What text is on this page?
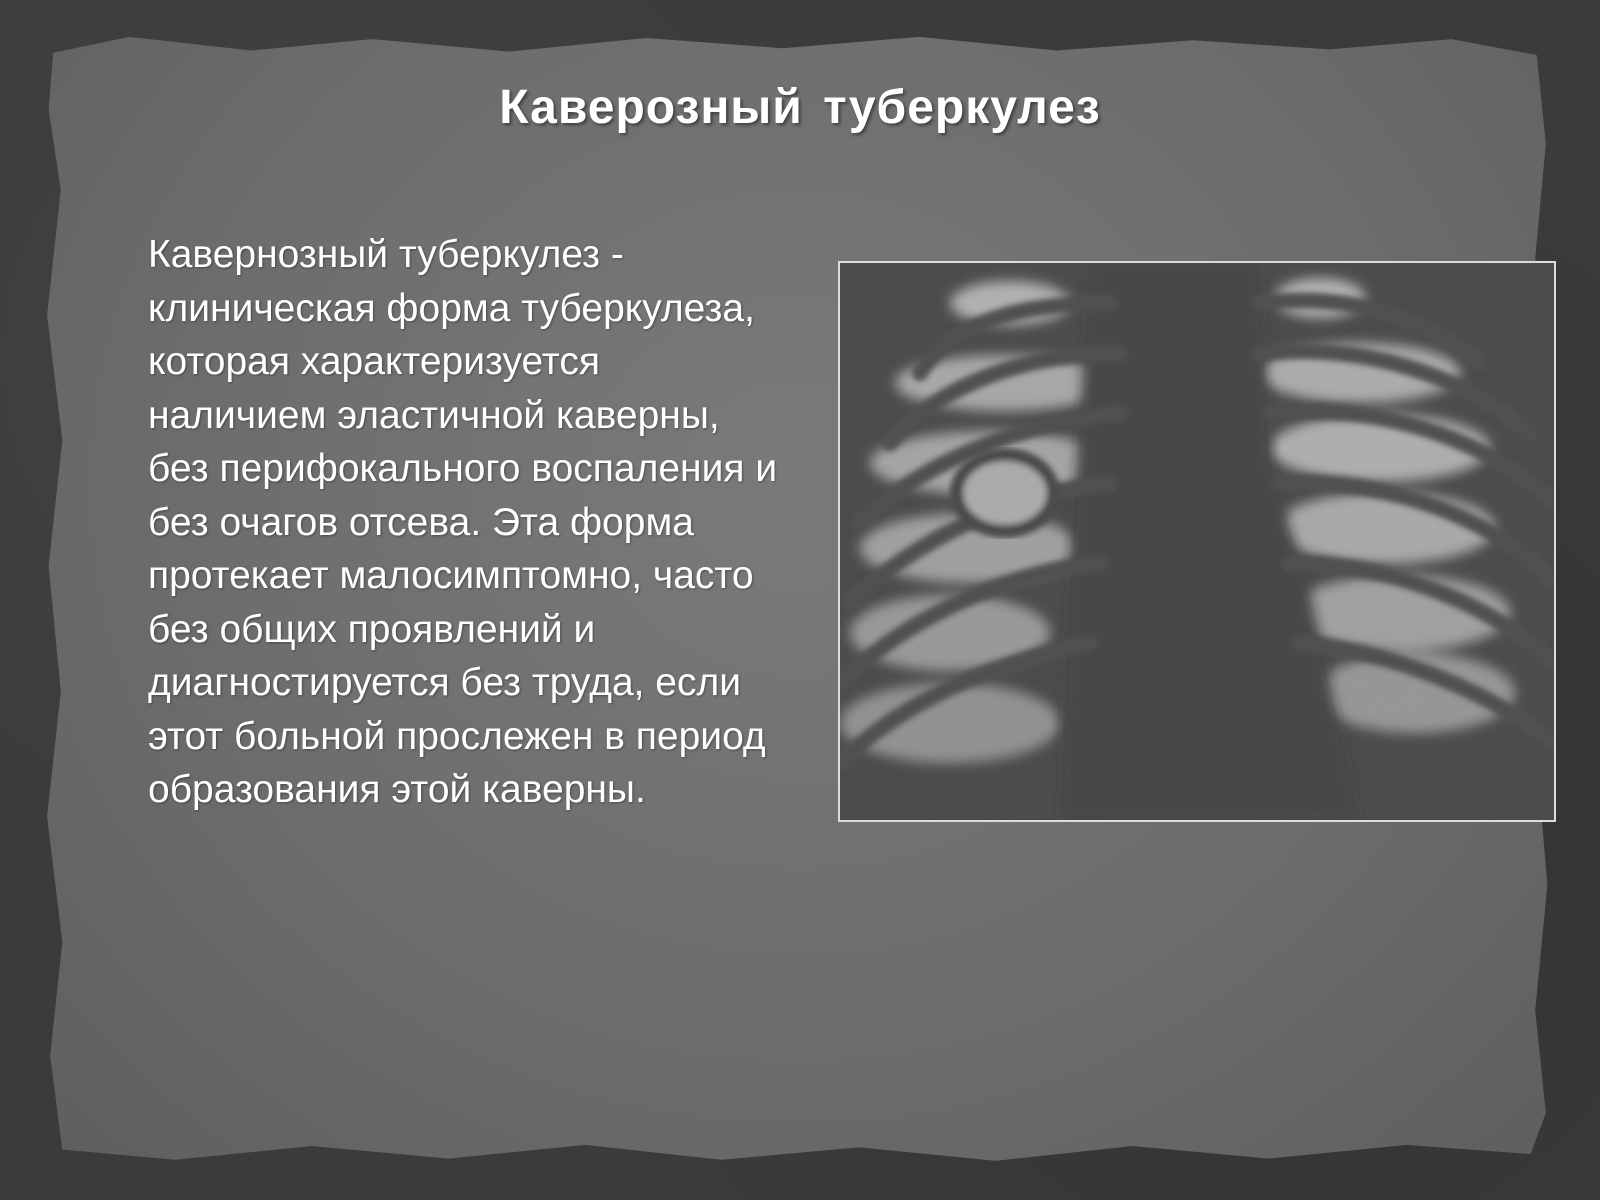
Каверозный туберкулез
Кавернозный туберкулез - клиническая форма туберкулеза, которая характеризуется наличием эластичной каверны, без перифокального воспаления и без очагов отсева. Эта форма протекает малосимптомно, часто без общих проявлений и диагностируется без труда, если этот больной прослежен в период образования этой каверны.
